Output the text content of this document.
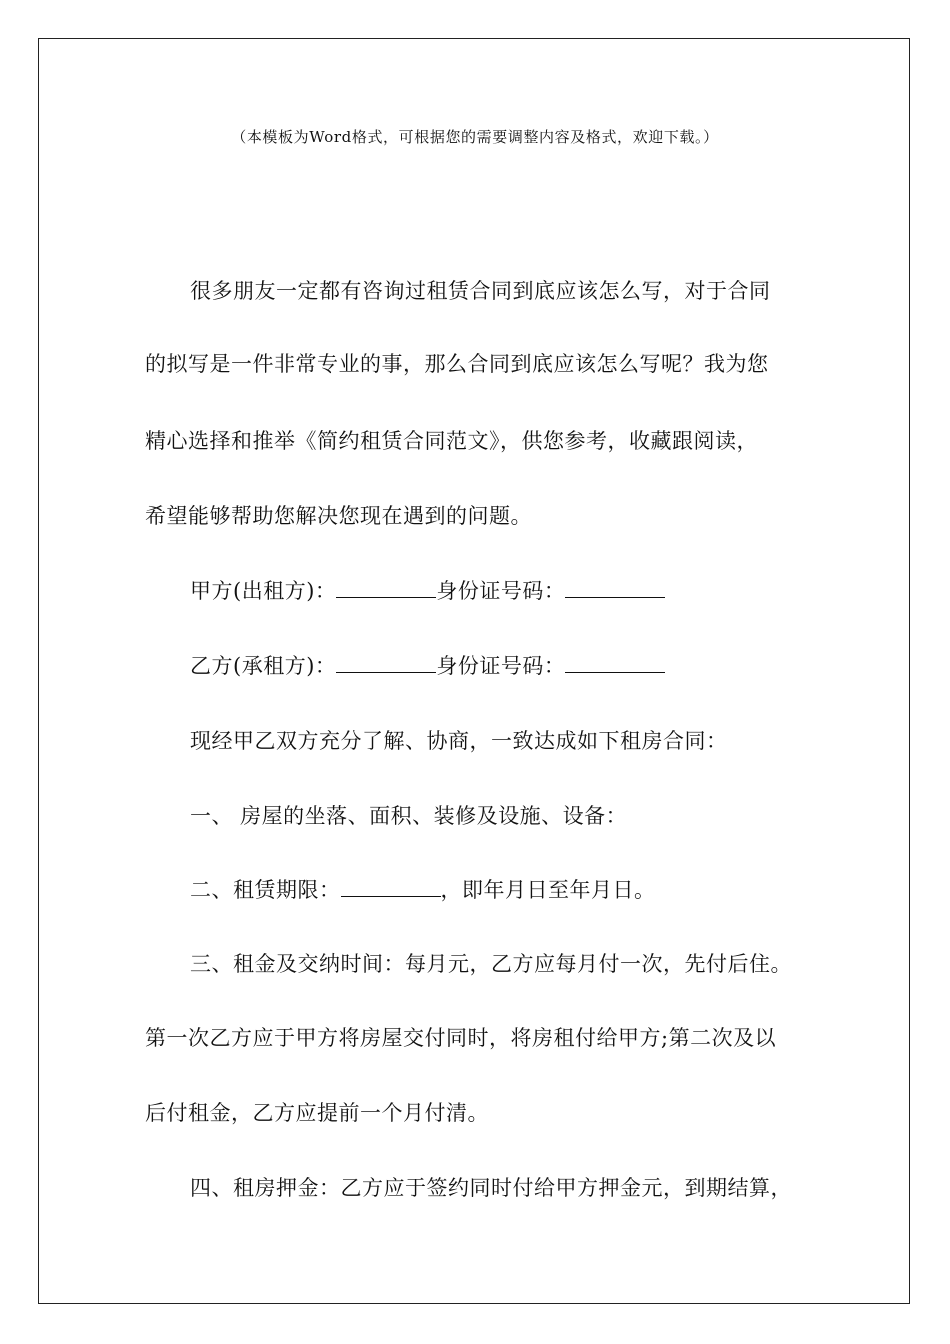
（本模板为Word格式，可根据您的需要调整内容及格式，欢迎下载。）
很多朋友一定都有咨询过租赁合同到底应该怎么写，对于合同
的拟写是一件非常专业的事，那么合同到底应该怎么写呢？我为您
精心选择和推举《简约租赁合同范文》，供您参考，收藏跟阅读，
希望能够帮助您解决您现在遇到的问题。
甲方(出租方)：	身份证号码：
乙方(承租方)：	身份证号码：
现经甲乙双方充分了解、协商，一致达成如下租房合同：
一、 房屋的坐落、面积、装修及设施、设备：
二、租赁期限：	，即年月日至年月日。
三、租金及交纳时间：每月元，乙方应每月付一次，先付后住。
第一次乙方应于甲方将房屋交付同时，将房租付给甲方;第二次及以
后付租金，乙方应提前一个月付清。
四、租房押金：乙方应于签约同时付给甲方押金元，到期结算，
